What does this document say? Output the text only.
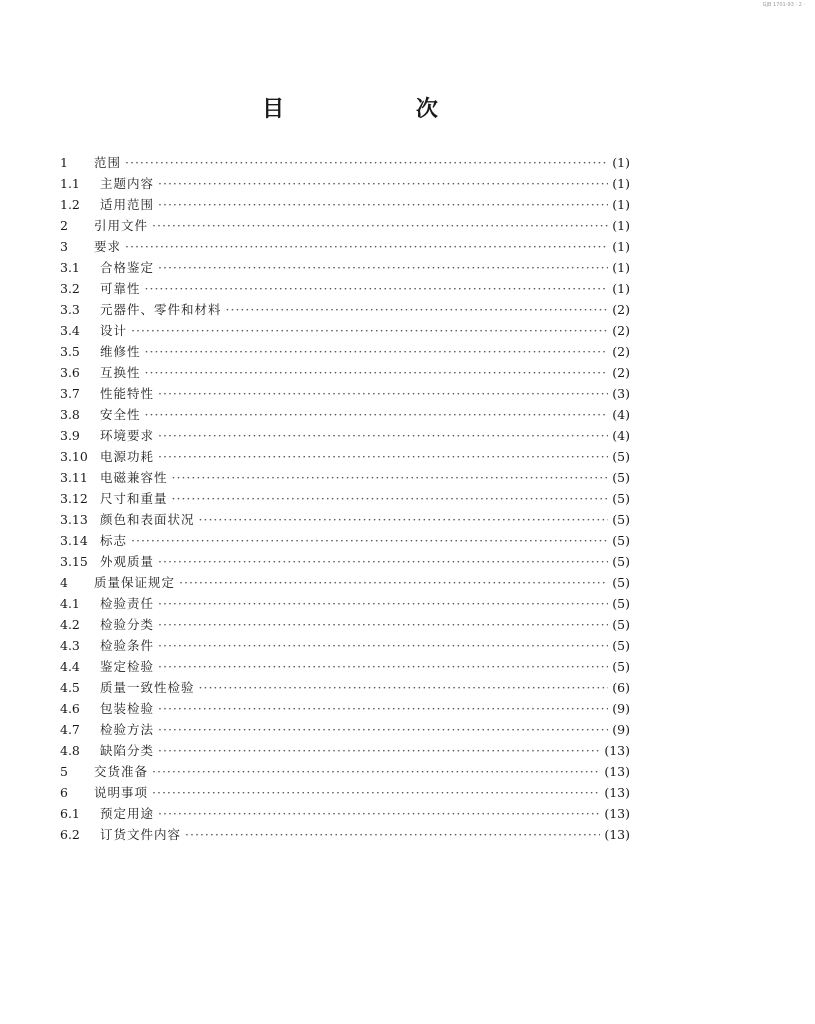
GJB 1701-93 · 2 ·
目 次
1	范围 ·····	(1)
1.1	主题内容 ·····	(1)
1.2	适用范围 ·····	(1)
2	引用文件 ·····	(1)
3	要求 ·····	(1)
3.1	合格鉴定 ·····	(1)
3.2	可靠性 ·····	(1)
3.3	元器件、零件和材料 ·····	(2)
3.4	设计 ·····	(2)
3.5	维修性 ·····	(2)
3.6	互换性 ·····	(2)
3.7	性能特性 ·····	(3)
3.8	安全性 ·····	(4)
3.9	环境要求 ·····	(4)
3.10 电源功耗 ·····	(5)
3.11 电磁兼容性 ·····	(5)
3.12 尺寸和重量 ·····	(5)
3.13 颜色和表面状况 ·····	(5)
3.14 标志 ·····	(5)
3.15 外观质量 ·····	(5)
4	质量保证规定 ·····	(5)
4.1	检验责任 ·····	(5)
4.2	检验分类 ·····	(5)
4.3	检验条件 ·····	(5)
4.4	鉴定检验 ·····	(5)
4.5	质量一致性检验 ·····	(6)
4.6	包装检验 ·····	(9)
4.7	检验方法 ·····	(9)
4.8	缺陷分类 ·····	(13)
5	交货准备 ·····	(13)
6	说明事项 ·····	(13)
6.1	预定用途 ·····	(13)
6.2	订货文件内容 ·····	(13)
